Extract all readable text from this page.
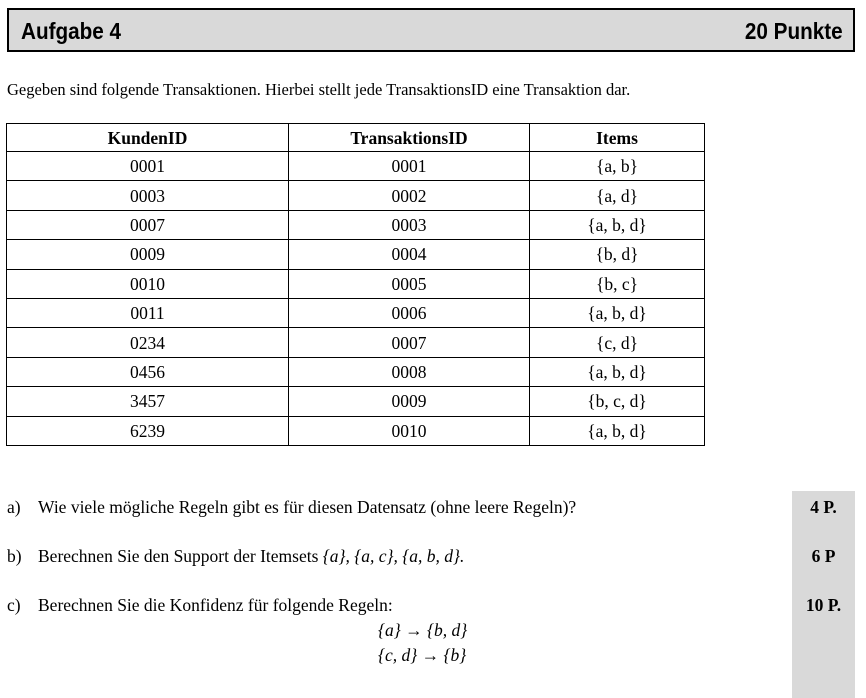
Aufgabe 4	20 Punkte
Gegeben sind folgende Transaktionen. Hierbei stellt jede TransaktionsID eine Transaktion dar.
KundenID	TransaktionsID	Items
0001	0001	{a, b}
0003	0002	{a, d}
0007	0003	{a, b, d}
0009	0004	{b, d}
0010	0005	{b, c}
0011	0006	{a, b, d}
0234	0007	{c, d}
0456	0008	{a, b, d}
3457	0009	{b, c, d}
6239	0010	{a, b, d}
a) Wie viele mögliche Regeln gibt es für diesen Datensatz (ohne leere Regeln)?	4 P.
b) Berechnen Sie den Support der Itemsets {a}, {a, c}, {a, b, d}.	6 P
c) Berechnen Sie die Konfidenz für folgende Regeln:	10 P.
{a} → {b, d}
{c, d} → {b}
